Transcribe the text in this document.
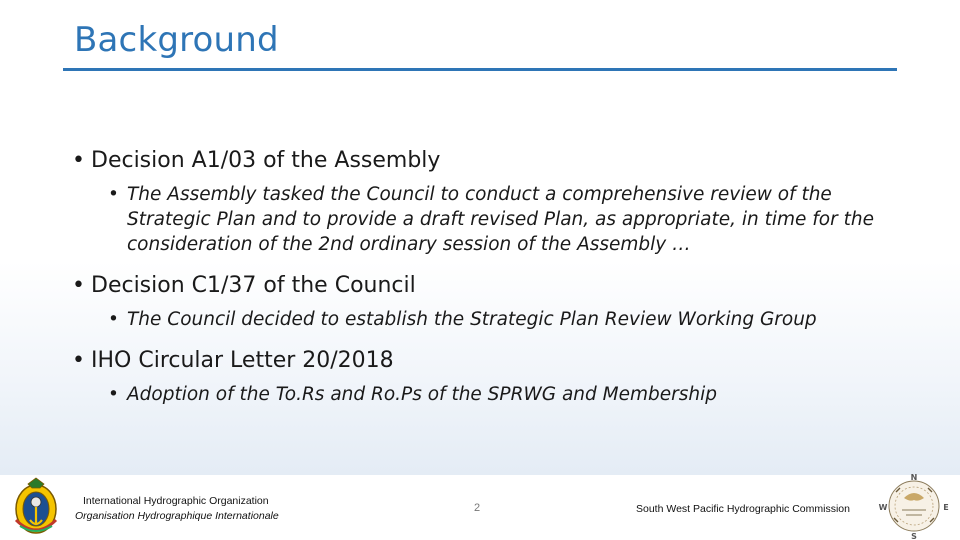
Background
• Decision A1/03 of the Assembly
• The Assembly tasked the Council to conduct a comprehensive review of the Strategic Plan and to provide a draft revised Plan, as appropriate, in time for the consideration of the 2nd ordinary session of the Assembly …
• Decision C1/37 of the Council
• The Council decided to establish the Strategic Plan Review Working Group
• IHO Circular Letter 20/2018
• Adoption of the To.Rs and Ro.Ps of the SPRWG and Membership
International Hydrographic Organization
Organisation Hydrographique Internationale
2	South West Pacific Hydrographic Commission
N
E
S
W
